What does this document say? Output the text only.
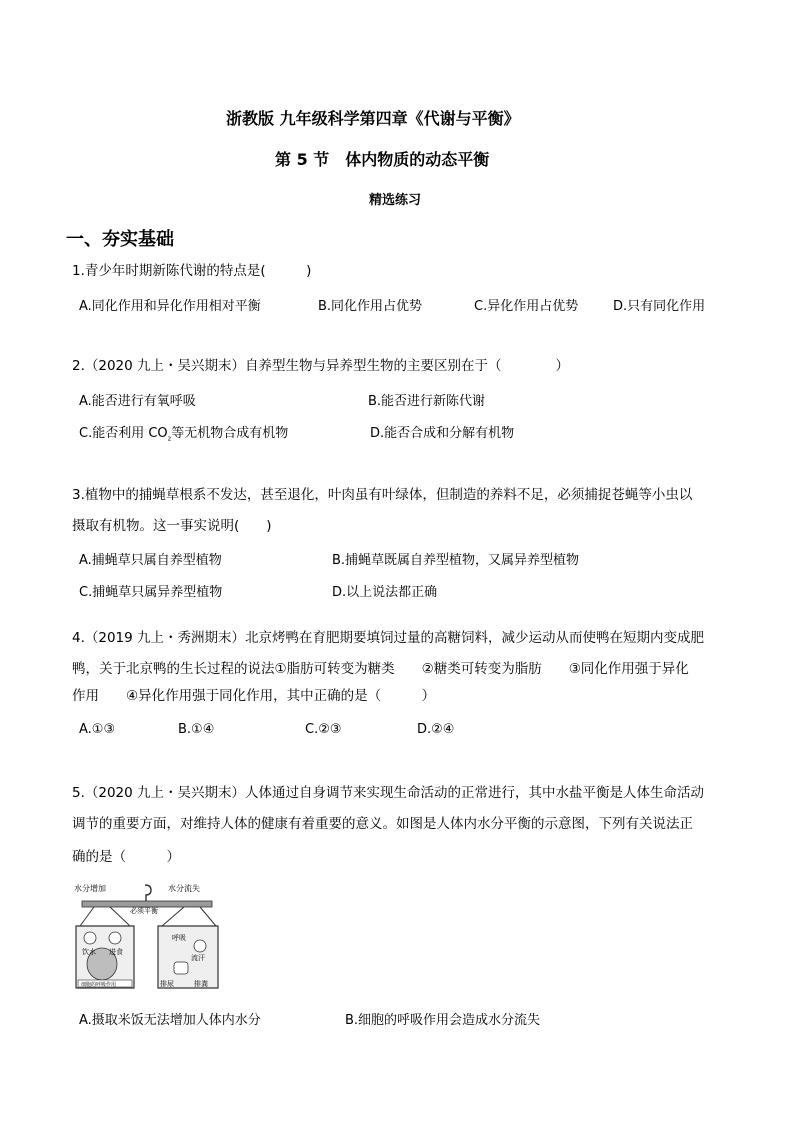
浙教版 九年级科学第四章《代谢与平衡》
第 5 节　体内物质的动态平衡
精选练习
一、夯实基础
1.青少年时期新陈代谢的特点是(　　　)
A.同化作用和异化作用相对平衡	B.同化作用占优势	C.异化作用占优势	D.只有同化作用
2.（2020 九上・吴兴期末）自养型生物与异养型生物的主要区别在于（　　　　）
A.能否进行有氧呼吸	B.能否进行新陈代谢
C.能否利用 $CO_{_2}$等无机物合成有机物	D.能否合成和分解有机物
3.植物中的捕蝇草根系不发达，甚至退化，叶肉虽有叶绿体，但制造的养料不足，必须捕捉苍蝇等小虫以
摄取有机物。这一事实说明(　　)
A.捕蝇草只属自养型植物	B.捕蝇草既属自养型植物，又属异养型植物
C.捕蝇草只属异养型植物	D.以上说法都正确
4.（2019 九上・秀洲期末）北京烤鸭在育肥期要填饲过量的高糖饲料，减少运动从而使鸭在短期内变成肥
鸭，关于北京鸭的生长过程的说法①脂肪可转变为糖类　　②糖类可转变为脂肪　　③同化作用强于异化
作用　　④异化作用强于同化作用，其中正确的是（　　　）
A.①③	B.①④	C.②③	D.②④
5.（2020 九上・吴兴期末）人体通过自身调节来实现生命活动的正常进行，其中水盐平衡是人体生命活动
调节的重要方面，对维持人体的健康有着重要的意义。如图是人体内水分平衡的示意图，下列有关说法正
确的是（　　　）
水分增加	水分流失
必须平衡
饮水 进食
细胞的呼吸作用
呼吸
流汗
排尿	排粪
A.摄取米饭无法增加人体内水分	B.细胞的呼吸作用会造成水分流失
